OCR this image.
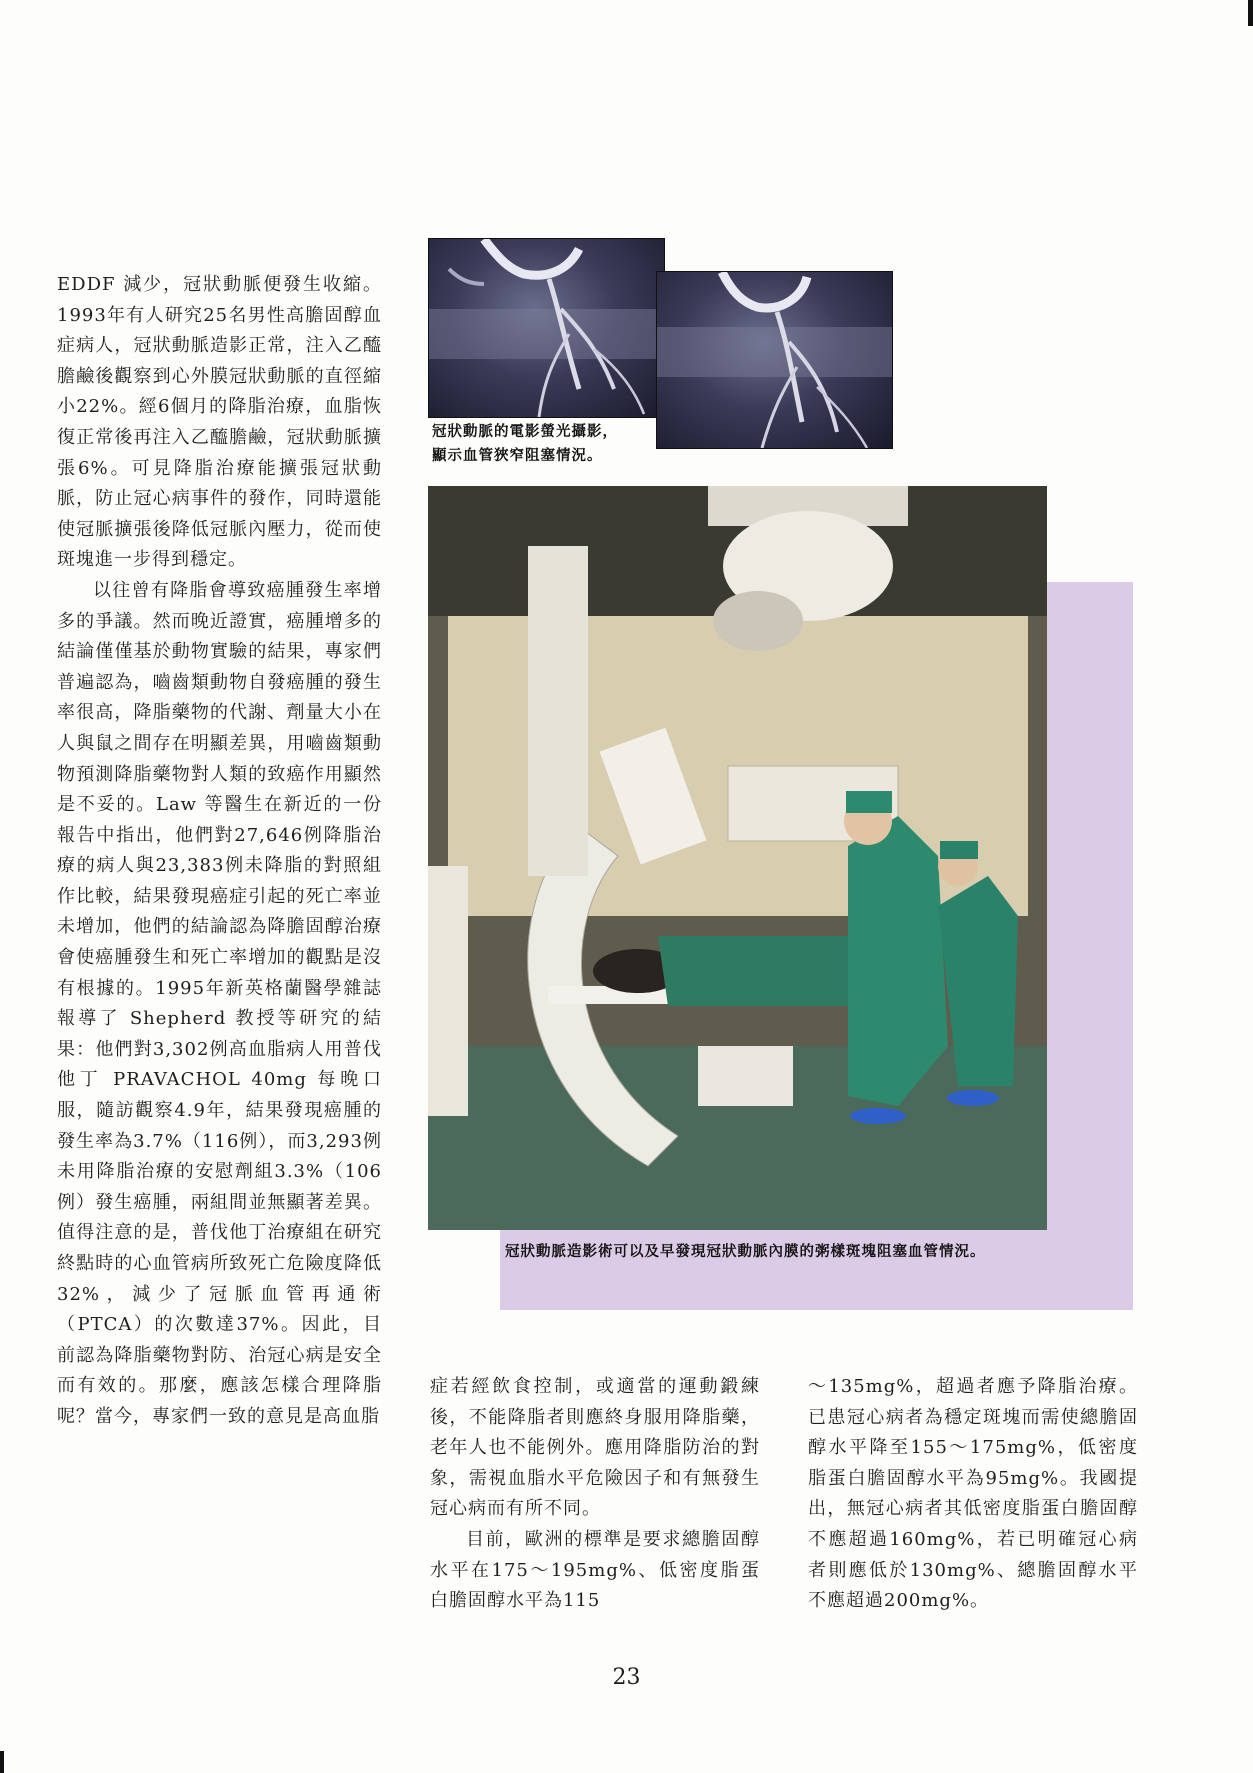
EDDF 減少，冠狀動脈便發生收縮。1993年有人研究25名男性高膽固醇血症病人，冠狀動脈造影正常，注入乙醯膽鹼後觀察到心外膜冠狀動脈的直徑縮小22%。經6個月的降脂治療，血脂恢復正常後再注入乙醯膽鹼，冠狀動脈擴張6%。可見降脂治療能擴張冠狀動脈，防止冠心病事件的發作，同時還能使冠脈擴張後降低冠脈內壓力，從而使斑塊進一步得到穩定。

以往曾有降脂會導致癌腫發生率增多的爭議。然而晚近證實，癌腫增多的結論僅僅基於動物實驗的結果，專家們普遍認為，嚙齒類動物自發癌腫的發生率很高，降脂藥物的代謝、劑量大小在人與鼠之間存在明顯差異，用嚙齒類動物預測降脂藥物對人類的致癌作用顯然是不妥的。Law 等醫生在新近的一份報告中指出，他們對27,646例降脂治療的病人與23,383例未降脂的對照組作比較，結果發現癌症引起的死亡率並未增加，他們的結論認為降膽固醇治療會使癌腫發生和死亡率增加的觀點是沒有根據的。1995年新英格蘭醫學雜誌報導了 Shepherd 教授等研究的結果：他們對3,302例高血脂病人用普伐他丁 PRAVACHOL 40mg 每晚口服，隨訪觀察4.9年，結果發現癌腫的發生率為3.7%（116例），而3,293例未用降脂治療的安慰劑組3.3%（106例）發生癌腫，兩組間並無顯著差異。值得注意的是，普伐他丁治療組在研究終點時的心血管病所致死亡危險度降低32%，減少了冠脈血管再通術（PTCA）的次數達37%。因此，目前認為降脂藥物對防、治冠心病是安全而有效的。那麼，應該怎樣合理降脂呢？當今，專家們一致的意見是高血脂

冠狀動脈的電影螢光攝影，
顯示血管狹窄阻塞情況。
冠狀動脈造影術可以及早發現冠狀動脈內膜的粥樣斑塊阻塞血管情況。

症若經飲食控制，或適當的運動鍛練後，不能降脂者則應終身服用降脂藥，老年人也不能例外。應用降脂防治的對象，需視血脂水平危險因子和有無發生冠心病而有所不同。

目前，歐洲的標準是要求總膽固醇水平在175～195mg%、低密度脂蛋白膽固醇水平為115

～135mg%，超過者應予降脂治療。已患冠心病者為穩定斑塊而需使總膽固醇水平降至155～175mg%，低密度脂蛋白膽固醇水平為95mg%。我國提出，無冠心病者其低密度脂蛋白膽固醇不應超過160mg%，若已明確冠心病者則應低於130mg%、總膽固醇水平不應超過200mg%。

23
